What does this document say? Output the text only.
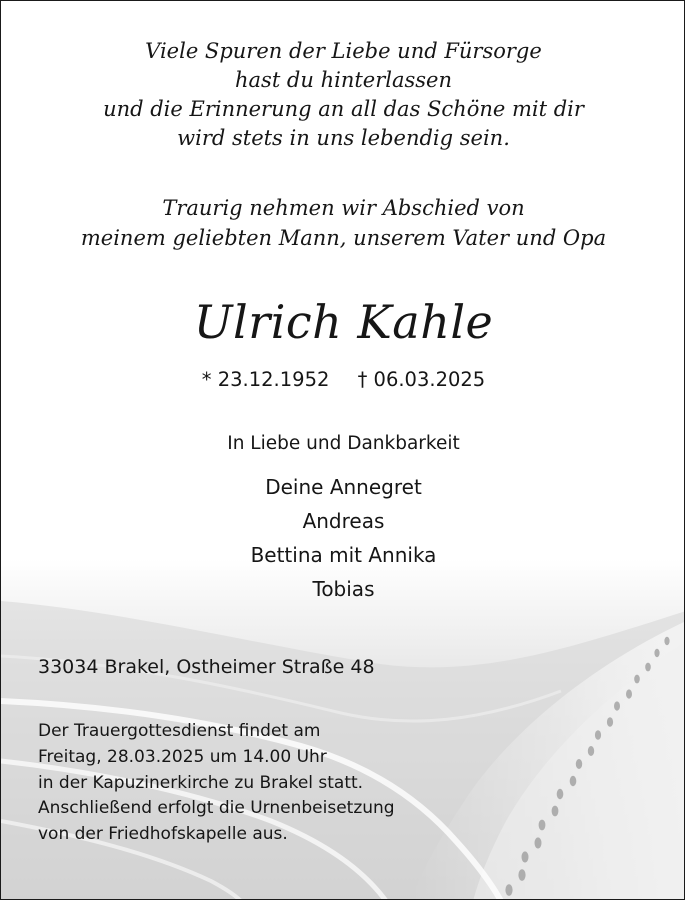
Viele Spuren der Liebe und Fürsorge
hast du hinterlassen
und die Erinnerung an all das Schöne mit dir
wird stets in uns lebendig sein.
Traurig nehmen wir Abschied von
meinem geliebten Mann, unserem Vater und Opa
Ulrich Kahle
* 23.12.1952 † 06.03.2025
In Liebe und Dankbarkeit
Deine Annegret
Andreas
Bettina mit Annika
Tobias
33034 Brakel, Ostheimer Straße 48
Der Trauergottesdienst findet am
Freitag, 28.03.2025 um 14.00 Uhr
in der Kapuzinerkirche zu Brakel statt.
Anschließend erfolgt die Urnenbeisetzung
von der Friedhofskapelle aus.
